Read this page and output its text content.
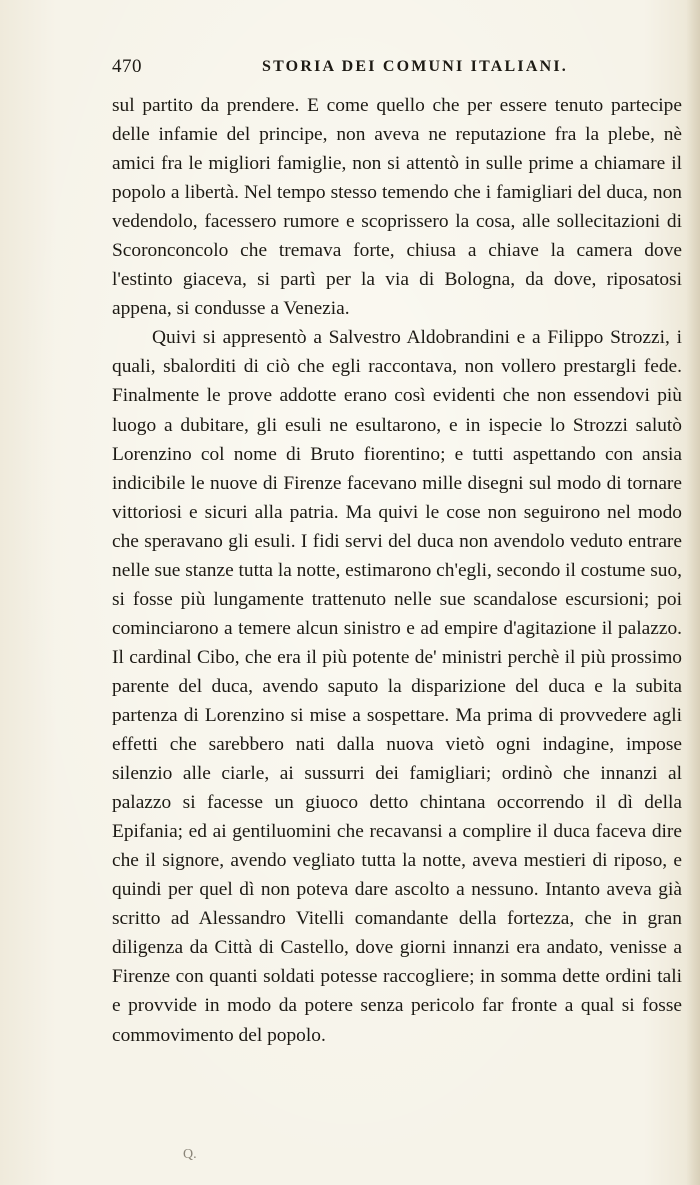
470	STORIA DEI COMUNI ITALIANI.

sul partito da prendere. E come quello che per essere tenuto partecipe delle infamie del principe, non aveva ne reputazione fra la plebe, nè amici fra le migliori famiglie, non si attentò in sulle prime a chiamare il popolo a libertà. Nel tempo stesso temendo che i famigliari del duca, non vedendolo, facessero rumore e scoprissero la cosa, alle sollecitazioni di Scoronconcolo che tremava forte, chiusa a chiave la camera dove l'estinto giaceva, si partì per la via di Bologna, da dove, riposatosi appena, si condusse a Venezia.

Quivi si appresentò a Salvestro Aldobrandini e a Filippo Strozzi, i quali, sbalorditi di ciò che egli raccontava, non vollero prestargli fede. Finalmente le prove addotte erano così evidenti che non essendovi più luogo a dubitare, gli esuli ne esultarono, e in ispecie lo Strozzi salutò Lorenzino col nome di Bruto fiorentino; e tutti aspettando con ansia indicibile le nuove di Firenze facevano mille disegni sul modo di tornare vittoriosi e sicuri alla patria. Ma quivi le cose non seguirono nel modo che speravano gli esuli. I fidi servi del duca non avendolo veduto entrare nelle sue stanze tutta la notte, estimarono ch'egli, secondo il costume suo, si fosse più lungamente trattenuto nelle sue scandalose escursioni; poi cominciarono a temere alcun sinistro e ad empire d'agitazione il palazzo. Il cardinal Cibo, che era il più potente de' ministri perchè il più prossimo parente del duca, avendo saputo la disparizione del duca e la subita partenza di Lorenzino si mise a sospettare. Ma prima di provvedere agli effetti che sarebbero nati dalla nuova vietò ogni indagine, impose silenzio alle ciarle, ai sussurri dei famigliari; ordinò che innanzi al palazzo si facesse un giuoco detto chintana occorrendo il dì della Epifania; ed ai gentiluomini che recavansi a complire il duca faceva dire che il signore, avendo vegliato tutta la notte, aveva mestieri di riposo, e quindi per quel dì non poteva dare ascolto a nessuno. Intanto aveva già scritto ad Alessandro Vitelli comandante della fortezza, che in gran diligenza da Città di Castello, dove giorni innanzi era andato, venisse a Firenze con quanti soldati potesse raccogliere; in somma dette ordini tali e provvide in modo da potere senza pericolo far fronte a qual si fosse commovimento del popolo.

Q.
